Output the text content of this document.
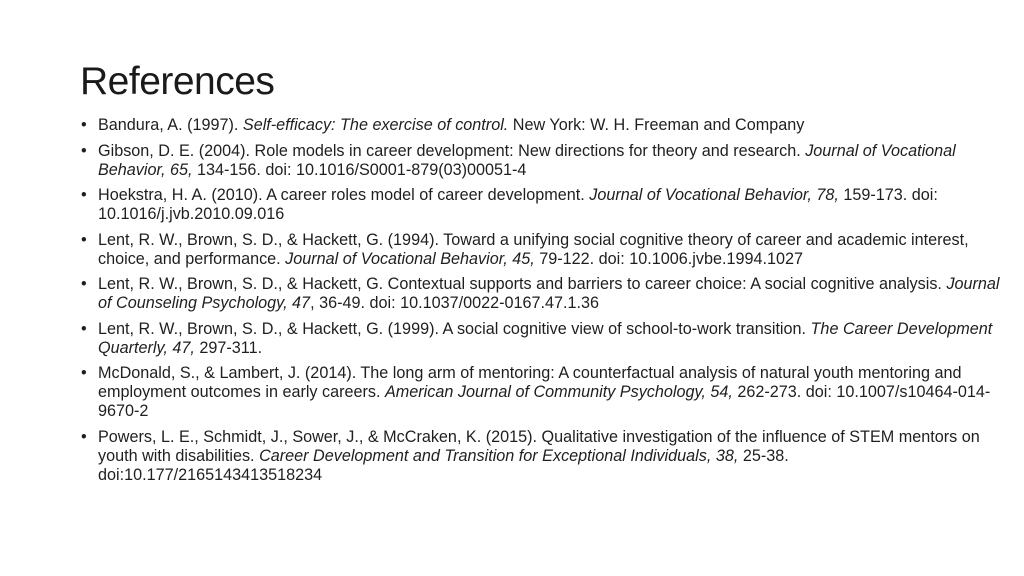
References
• Bandura, A. (1997). Self-efficacy: The exercise of control. New York: W. H. Freeman and Company
• Gibson, D. E. (2004). Role models in career development: New directions for theory and research. Journal of Vocational Behavior, 65, 134-156. doi: 10.1016/S0001-879(03)00051-4
• Hoekstra, H. A. (2010). A career roles model of career development. Journal of Vocational Behavior, 78, 159-173. doi: 10.1016/j.jvb.2010.09.016
• Lent, R. W., Brown, S. D., & Hackett, G. (1994). Toward a unifying social cognitive theory of career and academic interest, choice, and performance. Journal of Vocational Behavior, 45, 79-122. doi: 10.1006.jvbe.1994.1027
• Lent, R. W., Brown, S. D., & Hackett, G. Contextual supports and barriers to career choice: A social cognitive analysis. Journal of Counseling Psychology, 47, 36-49. doi: 10.1037/0022-0167.47.1.36
• Lent, R. W., Brown, S. D., & Hackett, G. (1999). A social cognitive view of school-to-work transition. The Career Development Quarterly, 47, 297-311.
• McDonald, S., & Lambert, J. (2014). The long arm of mentoring: A counterfactual analysis of natural youth mentoring and employment outcomes in early careers. American Journal of Community Psychology, 54, 262-273. doi: 10.1007/s10464-014-9670-2
• Powers, L. E., Schmidt, J., Sower, J., & McCraken, K. (2015). Qualitative investigation of the influence of STEM mentors on youth with disabilities. Career Development and Transition for Exceptional Individuals, 38, 25-38. doi:10.177/2165143413518234
